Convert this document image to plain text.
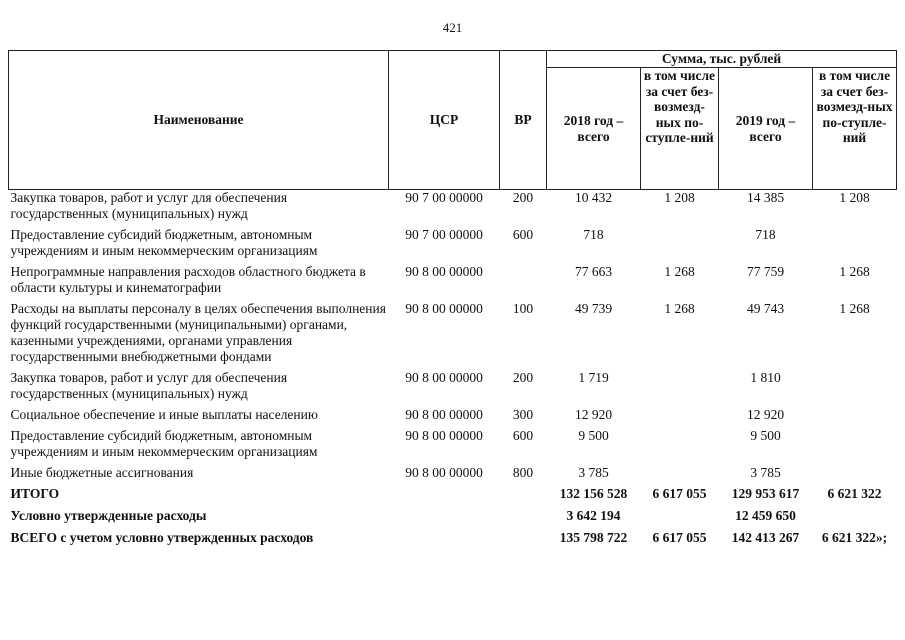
421
Наименование	ЦСР	ВР	Сумма, тыс. рублей			
			2018 год – всего	в том числе за счет без-возмезд-ных по-ступле-ний	2019 год – всего	в том числе за счет без-возмезд-ных по-ступле-ний
Закупка товаров, работ и услуг для обеспечения государственных (муниципальных) нужд	90 7 00 00000	200	10 432	1 208	14 385	1 208
Предоставление субсидий бюджетным, автономным учреждениям и иным некоммерческим организациям	90 7 00 00000	600	718		718	
Непрограммные направления расходов областного бюджета в области культуры и кинематографии	90 8 00 00000		77 663	1 268	77 759	1 268
Расходы на выплаты персоналу в целях обеспечения выполнения функций государственными (муниципальными) органами, казенными учреждениями, органами управления государственными внебюджетными фондами	90 8 00 00000	100	49 739	1 268	49 743	1 268
Закупка товаров, работ и услуг для обеспечения государственных (муниципальных) нужд	90 8 00 00000	200	1 719		1 810	
Социальное обеспечение и иные выплаты населению	90 8 00 00000	300	12 920		12 920	
Предоставление субсидий бюджетным, автономным учреждениям и иным некоммерческим организациям	90 8 00 00000	600	9 500		9 500	
Иные бюджетные ассигнования	90 8 00 00000	800	3 785		3 785	
ИТОГО			132 156 528	6 617 055	129 953 617	6 621 322
Условно утвержденные расходы			3 642 194		12 459 650	
ВСЕГО с учетом условно утвержденных расходов			135 798 722	6 617 055	142 413 267	6 621 322»;
